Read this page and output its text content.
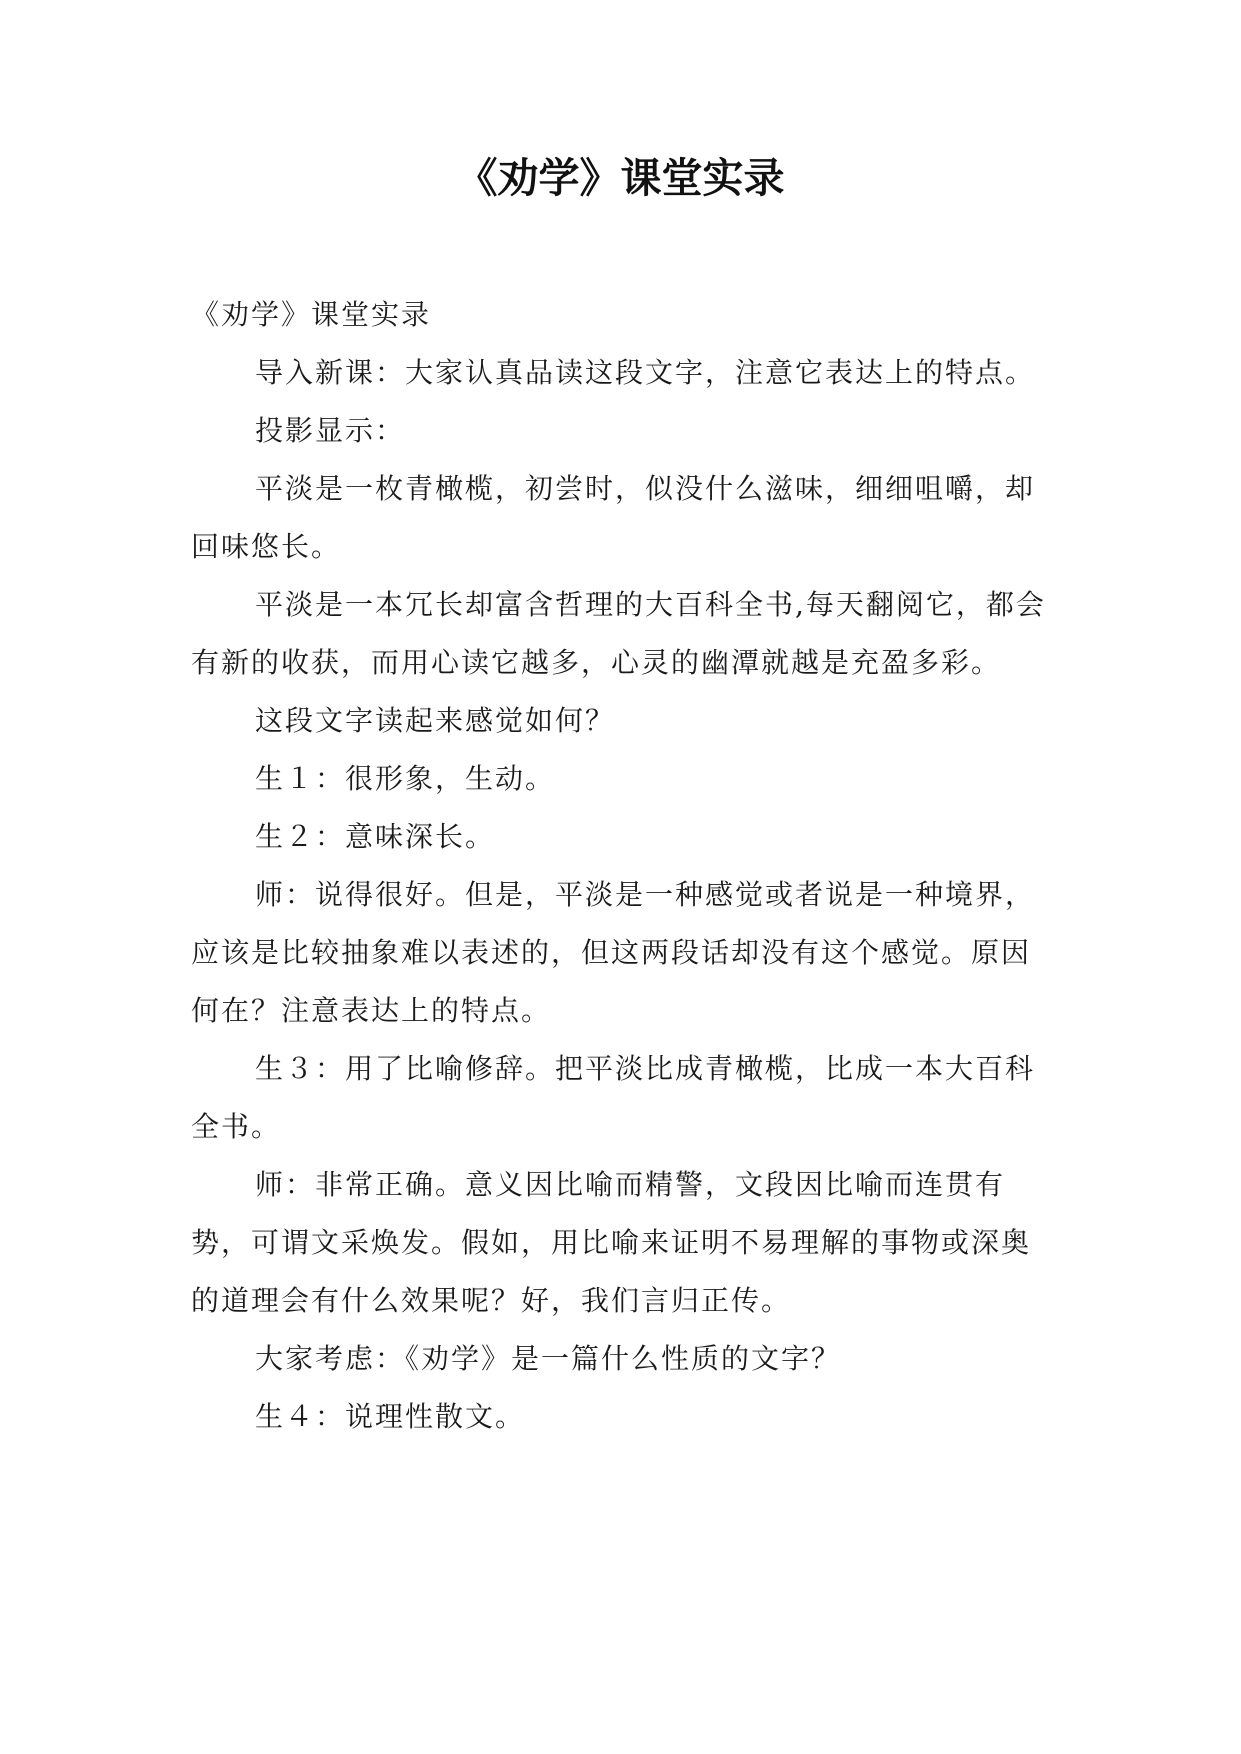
《劝学》课堂实录

《劝学》课堂实录

导入新课：大家认真品读这段文字，注意它表达上的特点。

投影显示：

平淡是一枚青橄榄，初尝时，似没什么滋味，细细咀嚼，却回味悠长。

平淡是一本冗长却富含哲理的大百科全书,每天翻阅它，都会有新的收获，而用心读它越多，心灵的幽潭就越是充盈多彩。

这段文字读起来感觉如何？

生１：很形象，生动。

生２：意味深长。

师：说得很好。但是，平淡是一种感觉或者说是一种境界，应该是比较抽象难以表述的，但这两段话却没有这个感觉。原因何在？注意表达上的特点。

生３：用了比喻修辞。把平淡比成青橄榄，比成一本大百科全书。

师：非常正确。意义因比喻而精警，文段因比喻而连贯有势，可谓文采焕发。假如，用比喻来证明不易理解的事物或深奥的道理会有什么效果呢？好，我们言归正传。

大家考虑：《劝学》是一篇什么性质的文字？

生４：说理性散文。
